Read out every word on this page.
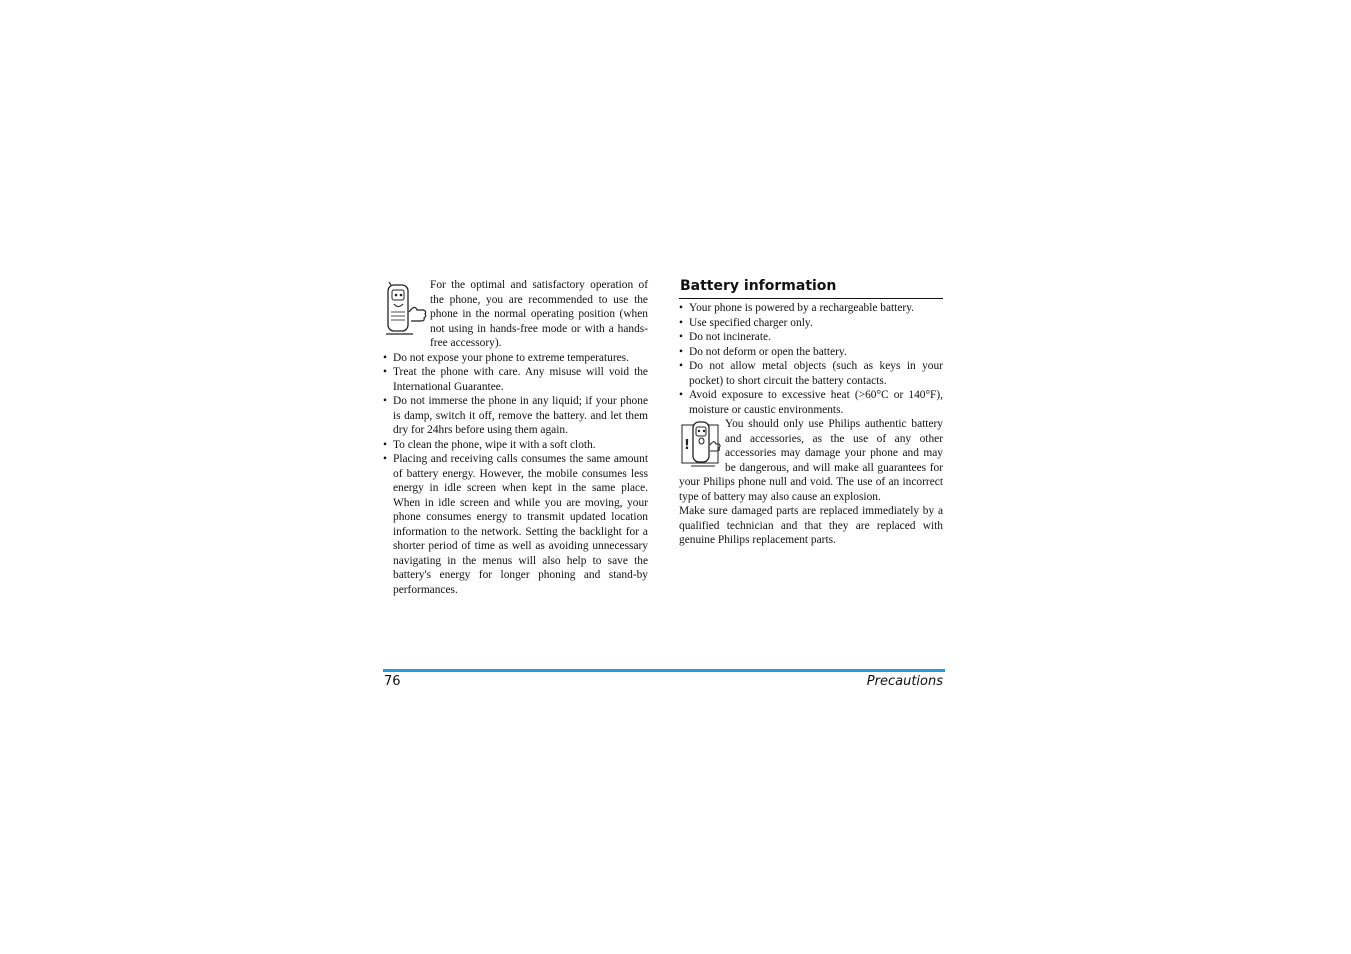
For the optimal and satisfactory operation of the phone, you are recommended to use the phone in the normal operating position (when not using in hands-free mode or with a hands-free accessory).
• Do not expose your phone to extreme temperatures.
• Treat the phone with care. Any misuse will void the International Guarantee.
• Do not immerse the phone in any liquid; if your phone is damp, switch it off, remove the battery. and let them dry for 24hrs before using them again.
• To clean the phone, wipe it with a soft cloth.
• Placing and receiving calls consumes the same amount of battery energy. However, the mobile consumes less energy in idle screen when kept in the same place. When in idle screen and while you are moving, your phone consumes energy to transmit updated location information to the network. Setting the backlight for a shorter period of time as well as avoiding unnecessary navigating in the menus will also help to save the battery's energy for longer phoning and stand-by performances.
Battery information
• Your phone is powered by a rechargeable battery.
• Use specified charger only.
• Do not incinerate.
• Do not deform or open the battery.
• Do not allow metal objects (such as keys in your pocket) to short circuit the battery contacts.
• Avoid exposure to excessive heat (>60°C or 140°F), moisture or caustic environments.
!
You should only use Philips authentic battery and accessories, as the use of any other accessories may damage your phone and may be dangerous, and will make all guarantees for your Philips phone null and void. The use of an incorrect type of battery may also cause an explosion.
Make sure damaged parts are replaced immediately by a qualified technician and that they are replaced with genuine Philips replacement parts.
76	Precautions
